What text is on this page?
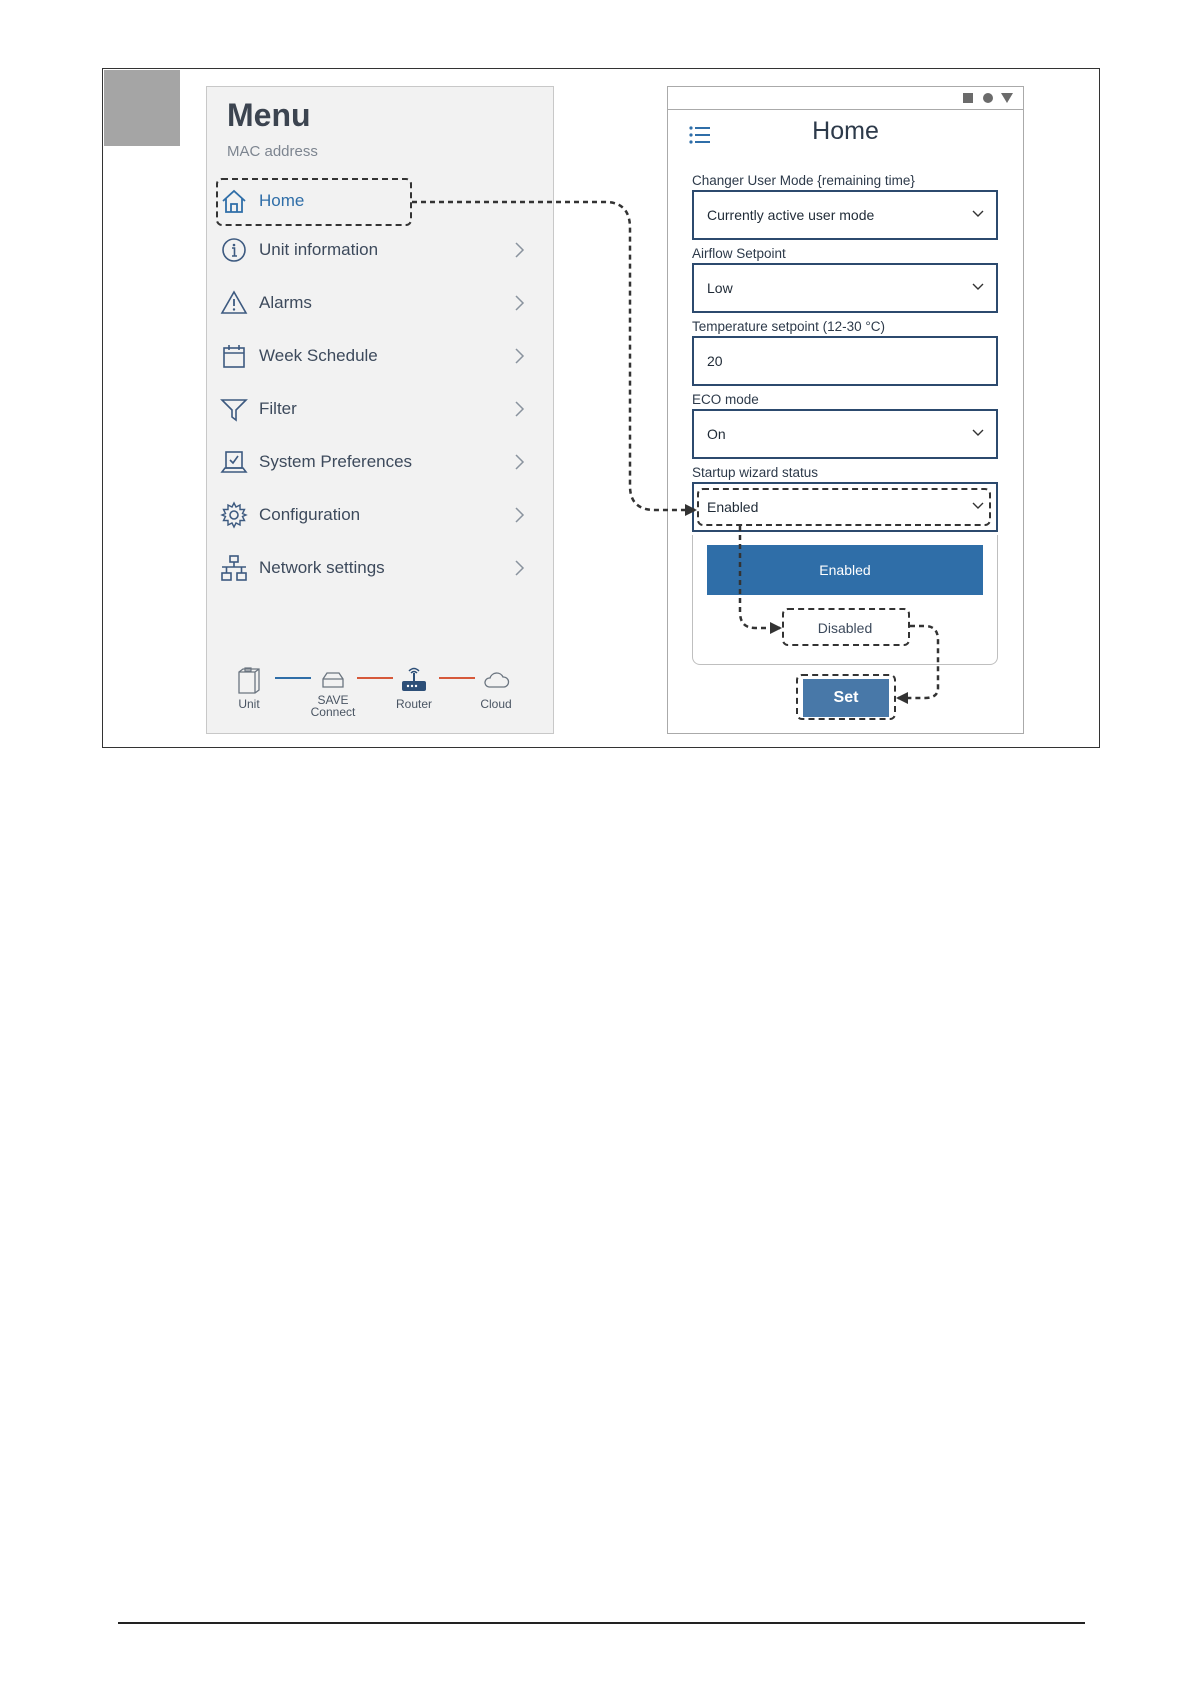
Menu
MAC address
Home
Unit information
Alarms
Week Schedule
Filter
System Preferences
Configuration
Network settings
Unit	SAVE
Connect
Router	Cloud
Home
Changer User Mode {remaining time}
Currently active user mode
Airflow Setpoint
Low
Temperature setpoint (12-30 °C)
20
ECO mode
On
Startup wizard status
Enabled
Enabled
Disabled
Set
